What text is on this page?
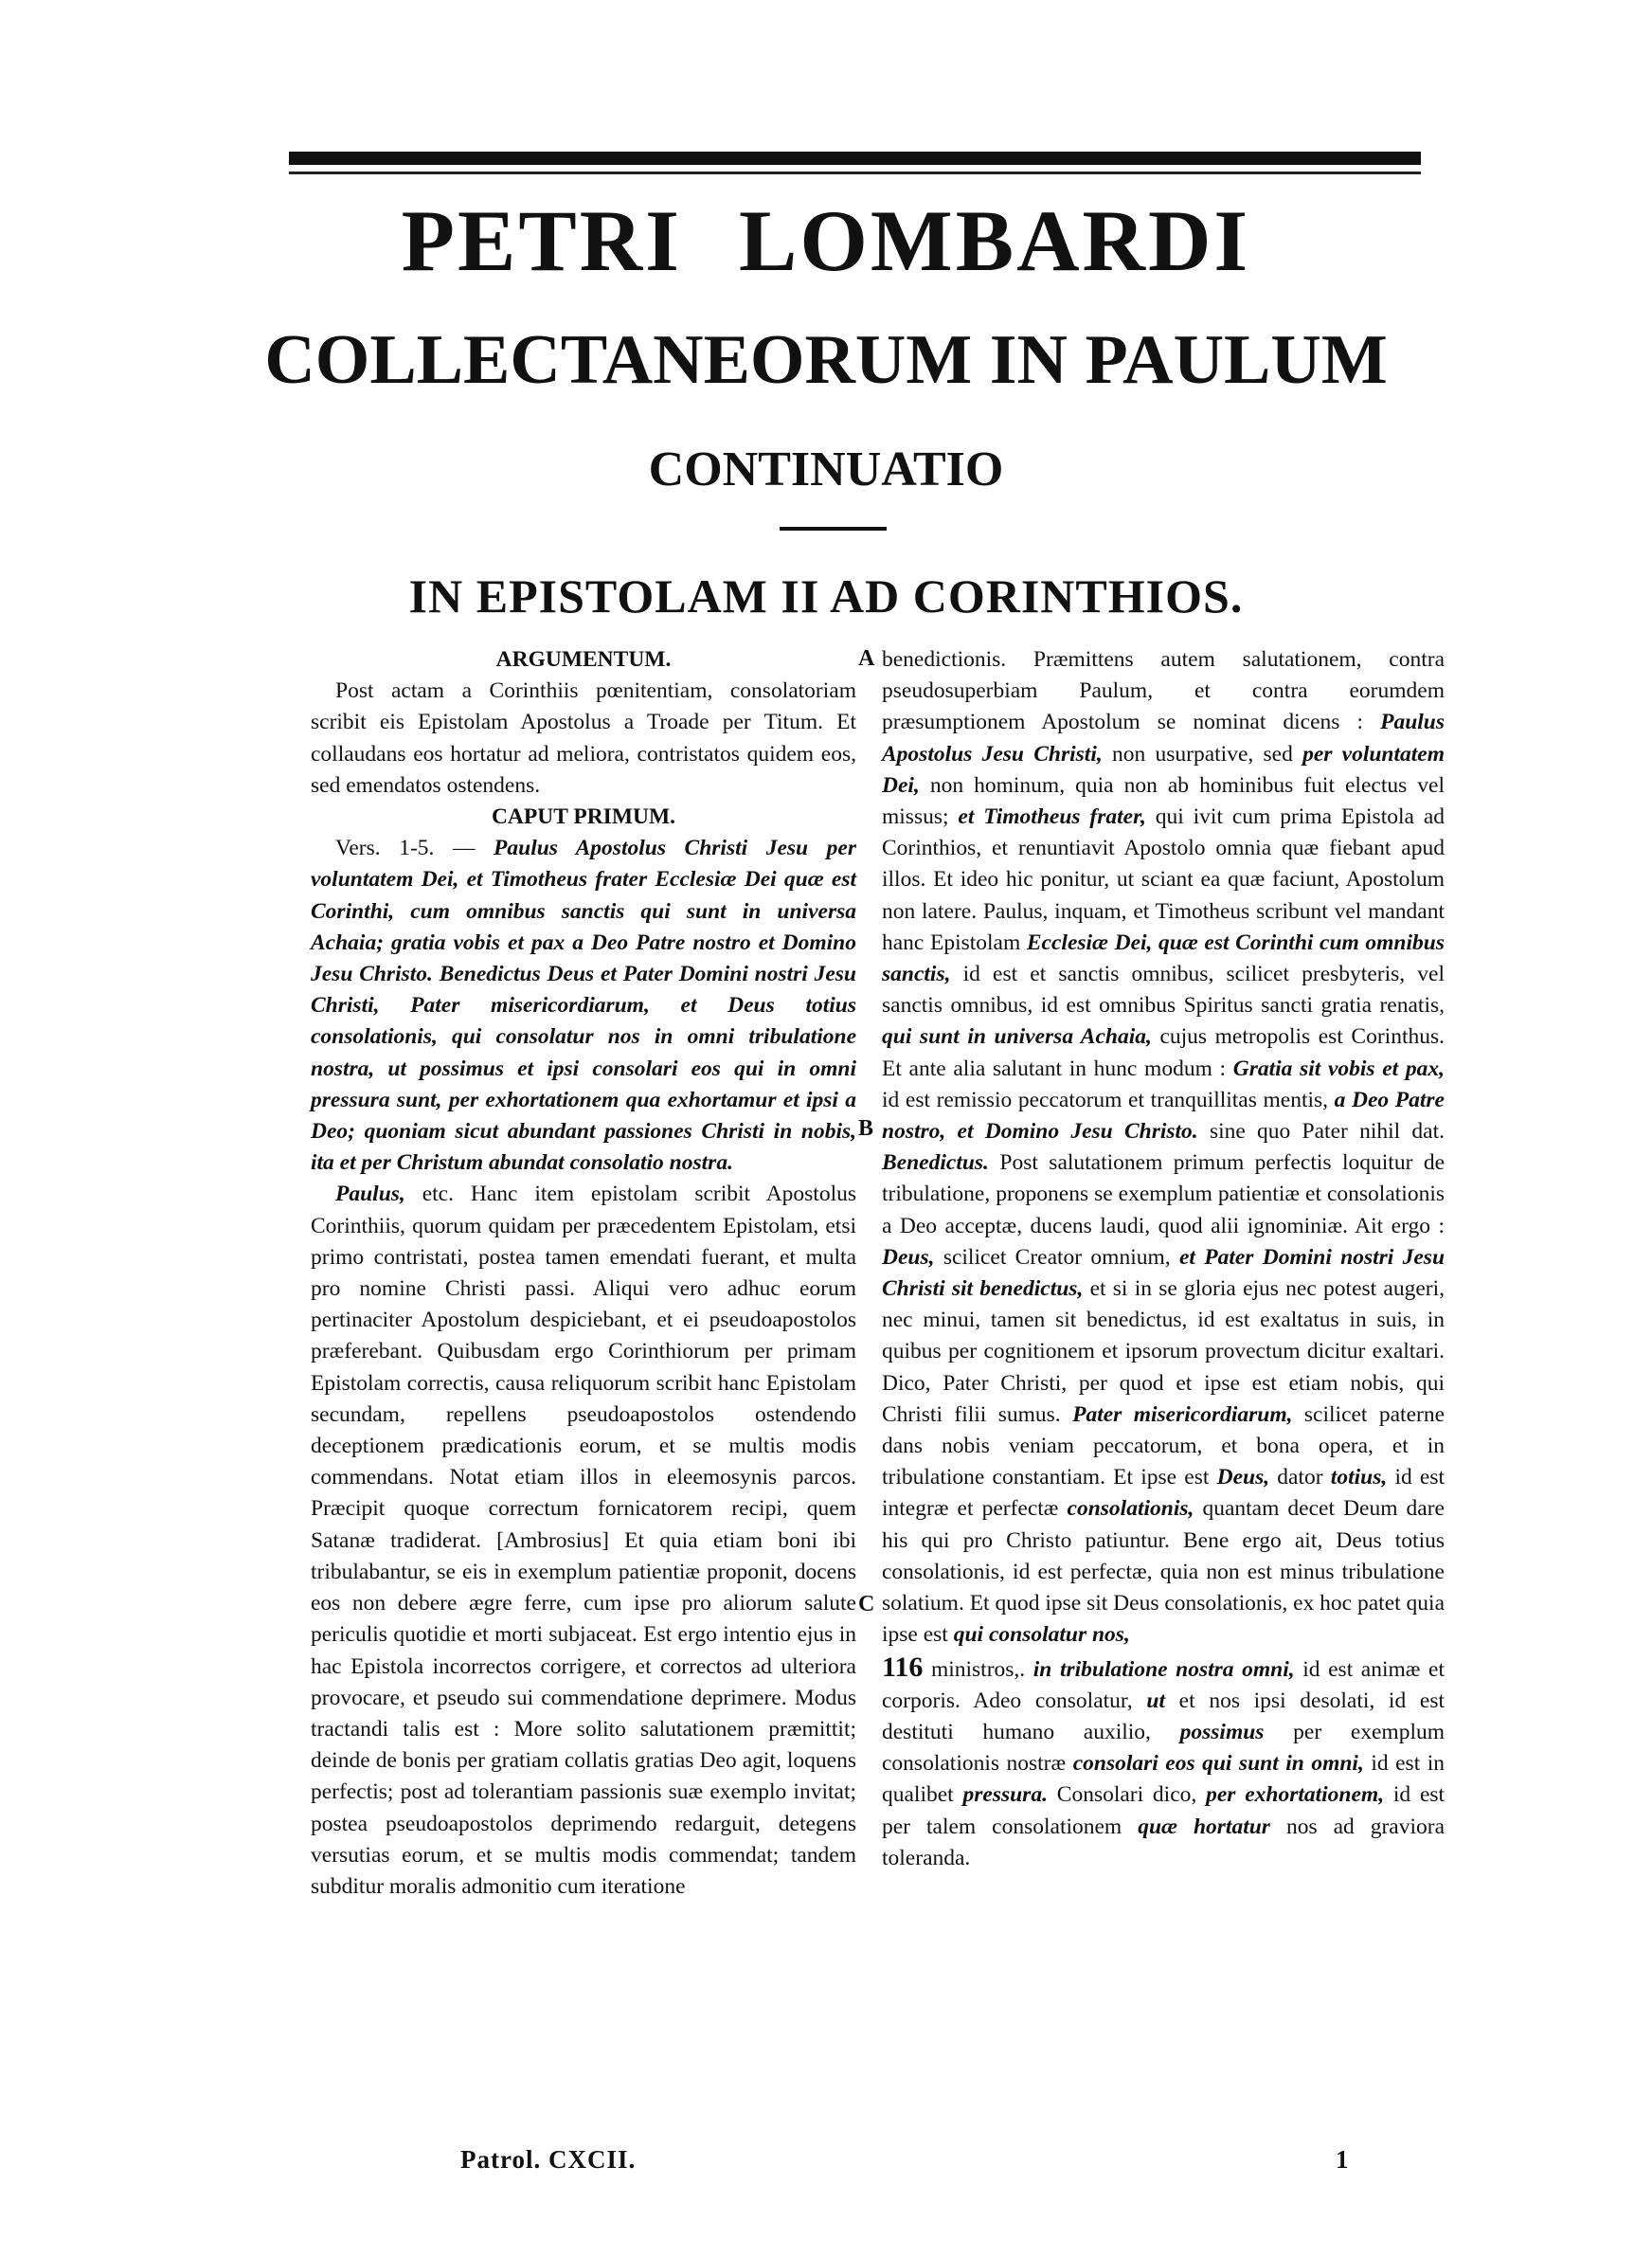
PETRI LOMBARDI
COLLECTANEORUM IN PAULUM
CONTINUATIO
IN EPISTOLAM II AD CORINTHIOS.
ARGUMENTUM.

Post actam a Corinthiis pœnitentiam, consolatoriam scribit eis Epistolam Apostolus a Troade per Titum. Et collaudans eos hortatur ad meliora, contristatos quidem eos, sed emendatos ostendens.

CAPUT PRIMUM.

Vers. 1-5. — Paulus Apostolus Christi Jesu per voluntatem Dei, et Timotheus frater Ecclesiæ Dei quæ est Corinthi, cum omnibus sanctis qui sunt in universa Achaia; gratia vobis et pax a Deo Patre nostro et Domino Jesu Christo. Benedictus Deus et Pater Domini nostri Jesu Christi, Pater misericordiarum, et Deus totius consolationis, qui consolatur nos in omni tribulatione nostra, ut possimus et ipsi consolari eos qui in omni pressura sunt, per exhortationem qua exhortamur et ipsi a Deo; quoniam sicut abundant passiones Christi in nobis, ita et per Christum abundat consolatio nostra.

Paulus, etc. Hanc item epistolam scribit Apostolus Corinthiis, quorum quidam per præcedentem Epistolam, etsi primo contristati, postea tamen emendati fuerant, et multa pro nomine Christi passi. Aliqui vero adhuc eorum pertinaciter Apostolum despiciebant, et ei pseudoapostolos præferebant. Quibusdam ergo Corinthiorum per primam Epistolam correctis, causa reliquorum scribit hanc Epistolam secundam, repellens pseudoapostolos ostendendo deceptionem prædicationis eorum, et se multis modis commendans. Notat etiam illos in eleemosynis parcos. Præcipit quoque correctum fornicatorem recipi, quem Satanæ tradiderat. [Ambrosius] Et quia etiam boni ibi tribulabantur, se eis in exemplum patientiæ proponit, docens eos non debere ægre ferre, cum ipse pro aliorum salute periculis quotidie et morti subjaceat. Est ergo intentio ejus in hac Epistola incorrectos corrigere, et correctos ad ulteriora provocare, et pseudo sui commendatione deprimere. Modus tractandi talis est : More solito salutationem præmittit; deinde de bonis per gratiam collatis gratias Deo agit, loquens perfectis; post ad tolerantiam passionis suæ exemplo invitat; postea pseudoapostolos deprimendo redarguit, detegens versutias eorum, et se multis modis commendat; tandem subditur moralis admonitio cum iteratione

benedictionis. Præmittens autem salutationem, contra pseudosuperbiam Paulum, et contra eorumdem præsumptionem Apostolum se nominat dicens : Paulus Apostolus Jesu Christi, non usurpative, sed per voluntatem Dei, non hominum, quia non ab hominibus fuit electus vel missus; et Timotheus frater, qui ivit cum prima Epistola ad Corinthios, et renuntiavit Apostolo omnia quæ fiebant apud illos. Et ideo hic ponitur, ut sciant ea quæ faciunt, Apostolum non latere. Paulus, inquam, et Timotheus scribunt vel mandant hanc Epistolam Ecclesiæ Dei, quæ est Corinthi cum omnibus sanctis, id est et sanctis omnibus, scilicet presbyteris, vel sanctis omnibus, id est omnibus Spiritus sancti gratia renatis, qui sunt in universa Achaia, cujus metropolis est Corinthus. Et ante alia salutant in hunc modum : Gratia sit vobis et pax, id est remissio peccatorum et tranquillitas mentis, a Deo Patre nostro, et Domino Jesu Christo. sine quo Pater nihil dat. Benedictus. Post salutationem primum perfectis loquitur de tribulatione, proponens se exemplum patientiæ et consolationis a Deo acceptæ, ducens laudi, quod alii ignominiæ. Ait ergo : Deus, scilicet Creator omnium, et Pater Domini nostri Jesu Christi sit benedictus, et si in se gloria ejus nec potest augeri, nec minui, tamen sit benedictus, id est exaltatus in suis, in quibus per cognitionem et ipsorum provectum dicitur exaltari. Dico, Pater Christi, per quod et ipse est etiam nobis, qui Christi filii sumus. Pater misericordiarum, scilicet paterne dans nobis veniam peccatorum, et bona opera, et in tribulatione constantiam. Et ipse est Deus, dator totius, id est integræ et perfectæ consolationis, quantam decet Deum dare his qui pro Christo patiuntur. Bene ergo ait, Deus totius consolationis, id est perfectæ, quia non est minus tribulatione solatium. Et quod ipse sit Deus consolationis, ex hoc patet quia ipse est qui consolatur nos,
116 ministros,. in tribulatione nostra omni, id est animæ et corporis. Adeo consolatur, ut et nos ipsi desolati, id est destituti humano auxilio, possimus per exemplum consolationis nostræ consolari eos qui sunt in omni, id est in qualibet pressura. Consolari dico, per exhortationem, id est per talem consolationem quæ hortatur nos ad graviora toleranda.

A
B
C
Patrol. CXCII.	1
